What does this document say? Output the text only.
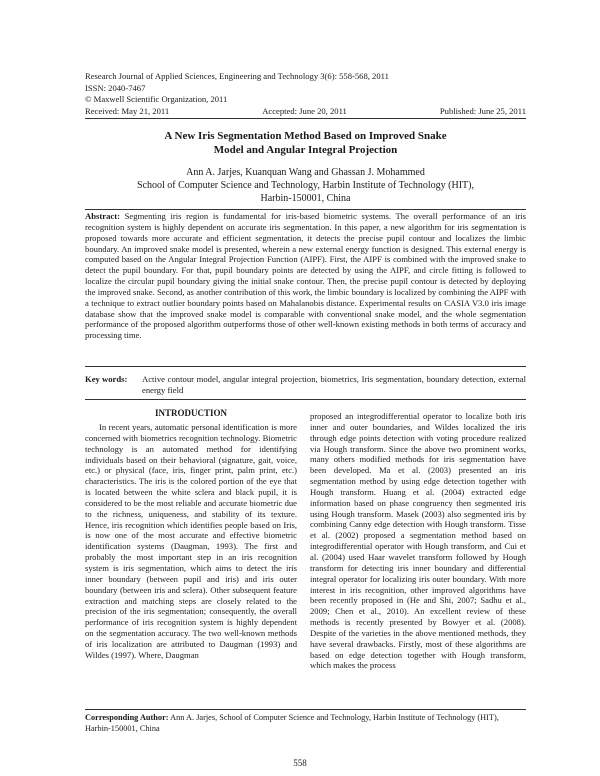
Research Journal of Applied Sciences, Engineering and Technology 3(6): 558-568, 2011
ISSN: 2040-7467
© Maxwell Scientific Organization, 2011
Received: May 21, 2011	Accepted: June 20, 2011	Published: June 25, 2011
A New Iris Segmentation Method Based on Improved Snake
Model and Angular Integral Projection
Ann A. Jarjes, Kuanquan Wang and Ghassan J. Mohammed
School of Computer Science and Technology, Harbin Institute of Technology (HIT),
Harbin-150001, China
Abstract: Segmenting iris region is fundamental for iris-based biometric systems. The overall performance of an iris recognition system is highly dependent on accurate iris segmentation. In this paper, a new algorithm for iris segmentation is proposed towards more accurate and efficient segmentation, it detects the precise pupil contour and localizes the limbic boundary. An improved snake model is presented, wherein a new external energy function is designed. This external energy is computed based on the Angular Integral Projection Function (AIPF). First, the AIPF is combined with the improved snake to detect the pupil boundary. For that, pupil boundary points are detected by using the AIPF, and circle fitting is followed to localize the circular pupil boundary giving the initial snake contour. Then, the precise pupil contour is detected by deploying the improved snake. Second, as another contribution of this work, the limbic boundary is localized by combining the AIPF with a technique to extract outlier boundary points based on Mahalanobis distance. Experimental results on CASIA V3.0 iris image database show that the improved snake model is comparable with conventional snake model, and the whole segmentation performance of the proposed algorithm outperforms those of other well-known existing methods in both terms of accuracy and processing time.
Key words: Active contour model, angular integral projection, biometrics, Iris segmentation, boundary detection, external energy field
INTRODUCTION
In recent years, automatic personal identification is more concerned with biometrics recognition technology. Biometric technology is an automated method for identifying individuals based on their behavioral (signature, gait, voice, etc.) or physical (face, iris, finger print, palm print, etc.) characteristics. The iris is the colored portion of the eye that is located between the white sclera and black pupil, it is considered to be the most reliable and accurate biometric due to the richness, uniqueness, and stability of its texture. Hence, iris recognition which identifies people based on Iris, is now one of the most accurate and effective biometric identification systems (Daugman, 1993). The first and probably the most important step in an iris recognition system is iris segmentation, which aims to detect the iris inner boundary (between pupil and iris) and iris outer boundary (between iris and sclera). Other subsequent feature extraction and matching steps are closely related to the precision of the iris segmentation; consequently, the overall performance of iris recognition system is highly dependent on the segmentation accuracy. The two well-known methods of iris localization are attributed to Daugman (1993) and Wildes (1997). Where, Daugman
proposed an integrodifferential operator to localize both iris inner and outer boundaries, and Wildes localized the iris through edge points detection with voting procedure realized via Hough transform. Since the above two prominent works, many others modified methods for iris segmentation have been developed. Ma et al. (2003) presented an iris segmentation method by using edge detection together with Hough transform. Huang et al. (2004) extracted edge information based on phase congruency then segmented iris using Hough transform. Masek (2003) also segmented iris by combining Canny edge detection with Hough transform. Tisse et al. (2002) proposed a segmentation method based on integrodifferential operator with Hough transform, and Cui et al. (2004) used Haar wavelet transform followed by Hough transform for detecting iris inner boundary and differential integral operator for localizing iris outer boundary. With more interest in iris recognition, other improved algorithms have been recently proposed in (He and Shi, 2007; Sadhu et al., 2009; Chen et al., 2010). An excellent review of these methods is recently presented by Bowyer et al. (2008). Despite of the varieties in the above mentioned methods, they have several drawbacks. Firstly, most of these algorithms are based on edge detection together with Hough transform, which makes the process
Corresponding Author: Ann A. Jarjes, School of Computer Science and Technology, Harbin Institute of Technology (HIT), Harbin-150001, China
558
